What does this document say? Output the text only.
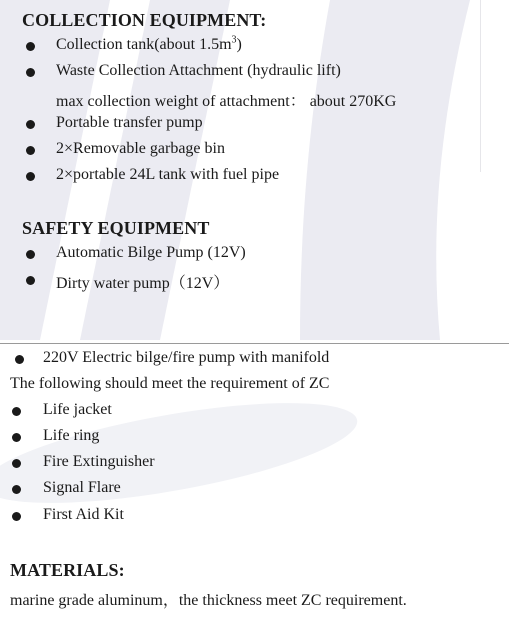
COLLECTION EQUIPMENT:
Collection tank(about $1.5m^3$)
Waste Collection Attachment (hydraulic lift)
max collection weight of attachment： about 270KG
Portable transfer pump
2×Removable garbage bin
2×portable 24L tank with fuel pipe
SAFETY EQUIPMENT
Automatic Bilge Pump (12V)
Dirty water pump（12V）
220V Electric bilge/fire pump with manifold
The following should meet the requirement of ZC
Life jacket
Life ring
Fire Extinguisher
Signal Flare
First Aid Kit
MATERIALS:
marine grade aluminum，the thickness meet ZC requirement.
